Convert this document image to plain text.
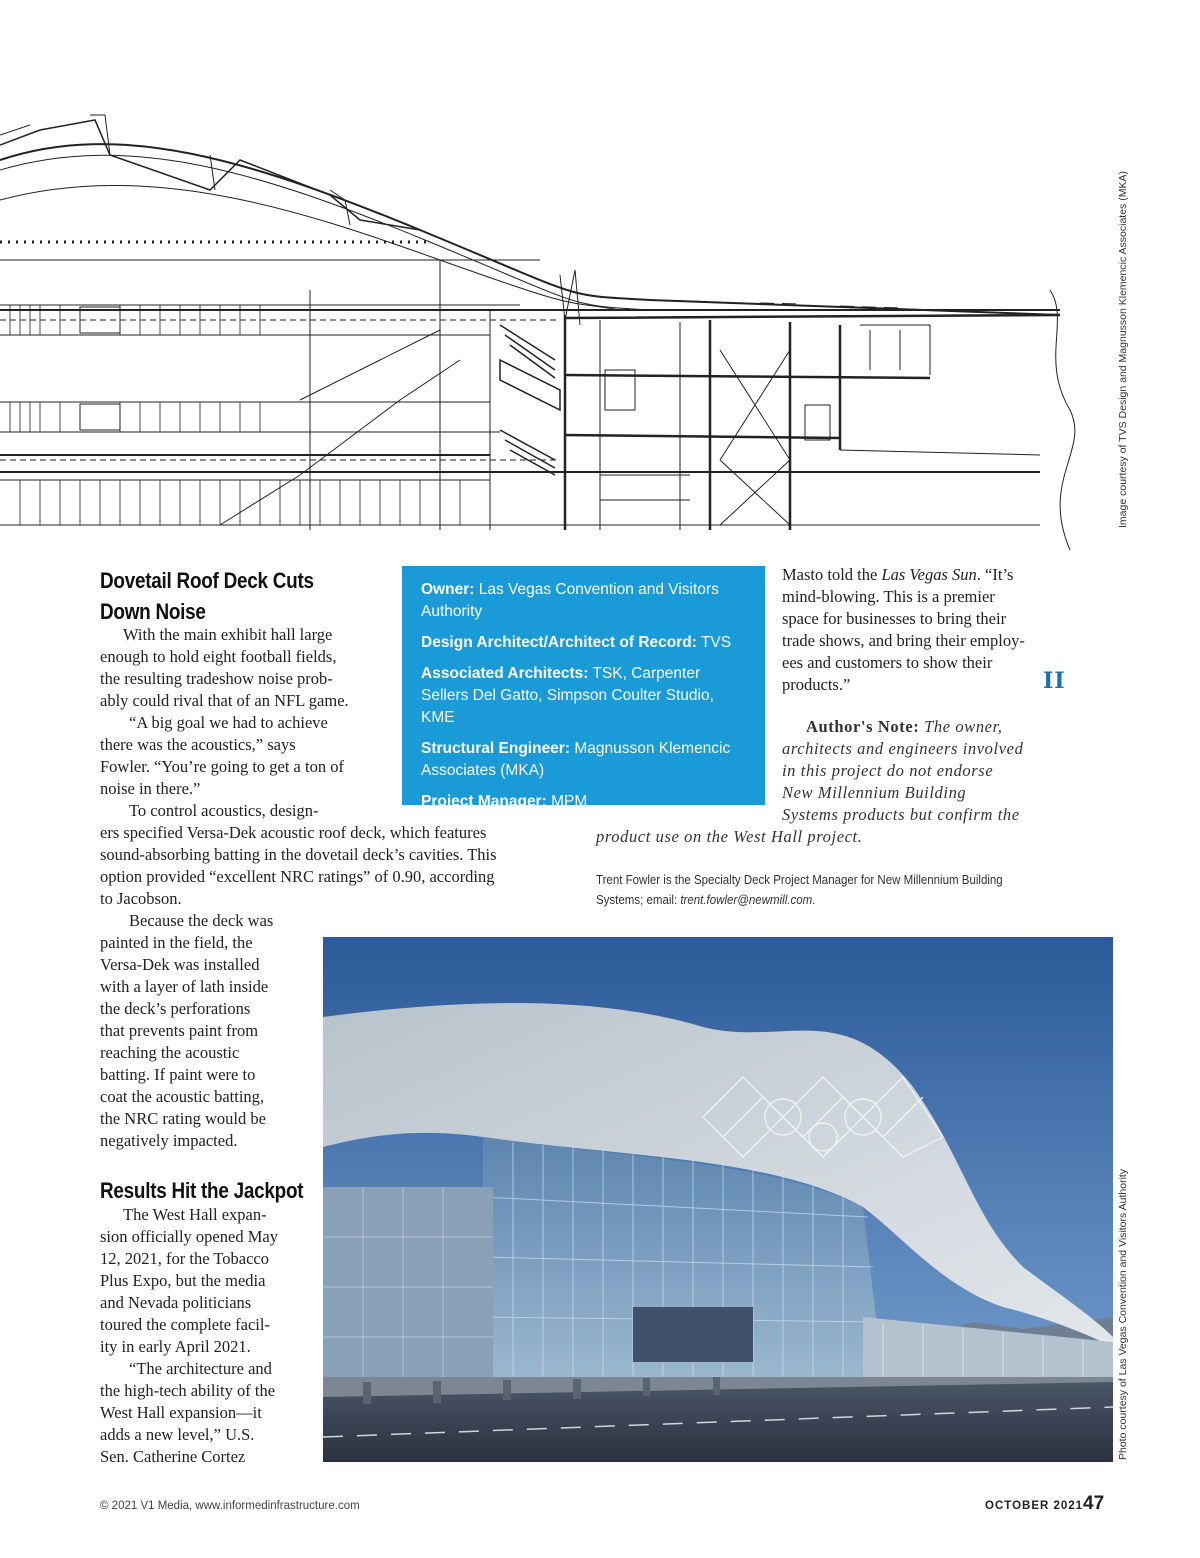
Image courtesy of TVS Design and Magnusson Klemencic Associates (MKA)
Dovetail Roof Deck Cuts
Down Noise
With the main exhibit hall large
enough to hold eight football fields,
the resulting tradeshow noise prob-
ably could rival that of an NFL game.
“A big goal we had to achieve
there was the acoustics,” says
Fowler. “You’re going to get a ton of
noise in there.”
To control acoustics, design-
ers specified Versa-Dek acoustic roof deck, which features
sound-absorbing batting in the dovetail deck’s cavities. This
option provided “excellent NRC ratings” of 0.90, according
to Jacobson.
Because the deck was
painted in the field, the
Versa-Dek was installed
with a layer of lath inside
the deck’s perforations
that prevents paint from
reaching the acoustic
batting. If paint were to
coat the acoustic batting,
the NRC rating would be
negatively impacted.
Results Hit the Jackpot
The West Hall expan-
sion officially opened May
12, 2021, for the Tobacco
Plus Expo, but the media
and Nevada politicians
toured the complete facil-
ity in early April 2021.
“The architecture and
the high-tech ability of the
West Hall expansion—it
adds a new level,” U.S.
Sen. Catherine Cortez
Owner: Las Vegas Convention and Visitors Authority
Design Architect/Architect of Record: TVS
Associated Architects: TSK, Carpenter Sellers Del Gatto, Simpson Coulter Studio, KME
Structural Engineer: Magnusson Klemencic Associates (MKA)
Project Manager: MPM
Masto told the Las Vegas Sun. “It’s
mind-blowing. This is a premier
space for businesses to bring their
trade shows, and bring their employ-
ees and customers to show their
products.”	II
Author's Note: The owner,
architects and engineers involved
in this project do not endorse
New Millennium Building
Systems products but confirm the
product use on the West Hall project.
Trent Fowler is the Specialty Deck Project Manager for New Millennium Building
Systems; email: trent.fowler@newmill.com.
Photo courtesy of Las Vegas Convention and Visitors Authority
© 2021 V1 Media, www.informedinfrastructure.com	OCTOBER 2021 47
